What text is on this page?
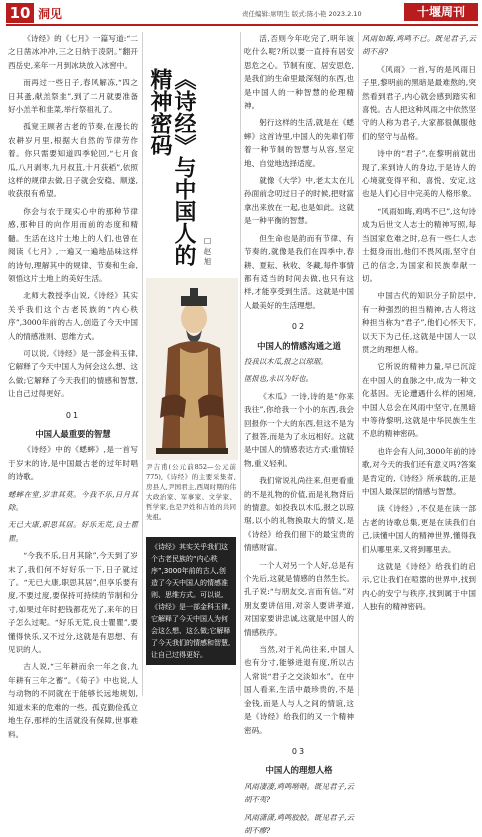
10 洞见	责任编辑:席明生 版式:陈小艳 2023.2.10	十堰周刊

《诗经》的《七月》一篇写道:“二之日凿冰冲冲,三之日纳于凌阴。”翻开西岳史,来年一月到冰块放入冰窖中。

而再过一些日子,春风解冻,“四之日其蚤,献羔祭韭”,到了二月就要准备好小羔羊和韭菜,举行祭祖礼了。

孤宽王顾者古老的节奏,在漫长的农耕岁月里,根据大自然的节律劳作着。你只需要知道四季轮回,“七月食瓜,八月剥枣,九月叔苴,十月获稻”,依照这样的规律去做,日子就会安稳、顺遂,收获很有希望。

你会与农于现实心中的那种节律感,那种目的向作用而前的态度和精髓。生活在这片土地上的人们,也曾在阅读《七月》,一遍又一遍地品味这样的诗句,理解其中的规律、节奏和生命,领悟这片土地上的美好生活。

北师大教授李山说,《诗经》其实关乎我们这个古老民族的“内心秩序”,3000年前的古人,创造了今天中国人的情感准则、思维方式。

可以说,《诗经》是一部金科玉律,它解释了今天中国人为何会这么想、这么做;它解释了今天我们的情感和智慧,让自己过得更好。

01
中国人最重要的智慧

《诗经》中的《蟋蟀》,是一首写于岁末的诗,是中国最古老的过年时唱的诗歌。

蟋蟀在堂,岁聿其莫。今我不乐,日月其除。

无已大康,职思其居。好乐无荒,良士瞿瞿。

“今我不乐,日月其除”,今天到了岁末了,我们何不好好乐一下,日子就过了。“无已大康,职思其居”,但享乐要有度,不要过度,要保持可持续的节制和分寸,如果过年时把钱都花光了,来年的日子怎么过呢。“好乐无荒,良士瞿瞿”,要懂得快乐,又不过分,这就是有思想、有见识的人。

古人说,“三年耕而余一年之食,九年耕有三年之蓄”。《荀子》中也说,人与动物的不同就在于能够长远地规划,知道未来的危难的一些。孤克勤俭孤立地生存,那样的生活就没有保障,世事难料。

《诗经》与中国人的精神密码
□ 赵 旭
尹吉甫(公元前852—公元前775),《诗经》的主要采集者,房县人,尹国君主,西周时期的伟大政治家、军事家、文学家、哲学家,也是尹姓和吉姓的共同先祖。
《诗经》其实关乎我们这个古老民族的“内心秩序”,3000年前的古人,创造了今天中国人的情感准则、思维方式。可以说,《诗经》是一部金科玉律,它解释了今天中国人为何会这么想、这么做;它解释了今天我们的情感和智慧,让自己过得更好。

活,否则今年吃完了,明年该吃什么呢?所以要一直持有居安思危之心。节制有度、居安思危,是我们的生命里最深刻的东西,也是中国人的一种智慧的伦理精神。

躬行这样的生活,就是在《蟋蟀》这首诗里,中国人的先辈们带着一种节制的智慧与从容,坚定地、自觉地选择适度。

就像《大学》中,老太太在儿孙面前念叨过日子的时候,把财富拿出来放在一起,也是如此。这就是一种平衡的智慧。

但生命也是韵而有节律、有节奏的,就像是我们在四季中,春耕、夏耘、秋收、冬藏,每件事情都有适当的时间去做,也只有这样,才能享受到生活。这就是中国人最美好的生活理想。

02
中国人的情感沟通之道

投我以木瓜,报之以琼琚。

匪报也,永以为好也。

《木瓜》一诗,诗的是“你来我往”,你给我一个小的东西,我会回报你一个大的东西,但这不是为了报答,而是为了永远相好。这就是中国人的情感表达方式:重情轻物,重义轻利。

我们常说礼尚往来,但更看重的不是礼物的价值,而是礼物背后的情意。如投我以木瓜,报之以琼琚,以小的礼物换取大的情义,是《诗经》给我们留下的最宝贵的情感财富。

一个人对另一个人好,总是有个先后,这就是情感的自然生长。孔子说:“与朋友交,言而有信。”对朋友要讲信用,对亲人要讲孝道,对国家要讲忠诚,这就是中国人的情感秩序。

当然,对于礼尚往来,中国人也有分寸,能够进退有度,所以古人常说“君子之交淡如水”。在中国人看来,生活中最珍贵的,不是金钱,而是人与人之间的情谊,这是《诗经》给我们的又一个精神密码。

03
中国人的理想人格

风雨凄凄,鸡鸣喈喈。既见君子,云胡不夷?

风雨潇潇,鸡鸣胶胶。既见君子,云胡不瘳?

风雨如晦,鸡鸣不已。既见君子,云胡不喜?

《风雨》一首,写的是风雨日子里,黎明前的黑暗是最难熬的,突然看到君子,内心就会感到踏实和喜悦。古人把这种风雨之中依然坚守的人称为君子,大家都很佩服他们的坚守与品格。

诗中的“君子”,在黎明前就出现了,来到诗人的身边,于是诗人的心境就变得平和、喜悦、安定,这也是人们心目中完美的人格形象。

“风雨如晦,鸡鸣不已”,这句诗成为后世文人志士的精神写照,每当国家危难之时,总有一些仁人志士挺身而出,他们不畏风雨,坚守自己的信念,为国家和民族奉献一切。

中国古代的知识分子阶层中,有一种强烈的担当精神,古人将这种担当称为“君子”,他们心怀天下,以天下为己任,这就是中国人一以贯之的理想人格。

它所说的精神力量,早已沉淀在中国人的血脉之中,成为一种文化基因。无论遭遇什么样的困境,中国人总会在风雨中坚守,在黑暗中等待黎明,这就是中华民族生生不息的精神密码。

也许会有人问,3000年前的诗歌,对今天的我们还有意义吗?答案是肯定的,《诗经》所承载的,正是中国人最深层的情感与智慧。

读《诗经》,不仅是在读一部古老的诗歌总集,更是在读我们自己,读懂中国人的精神世界,懂得我们从哪里来,又将到哪里去。

这就是《诗经》给我们的启示,它让我们在喧嚣的世界中,找到内心的安宁与秩序,找到属于中国人独有的精神密码。
